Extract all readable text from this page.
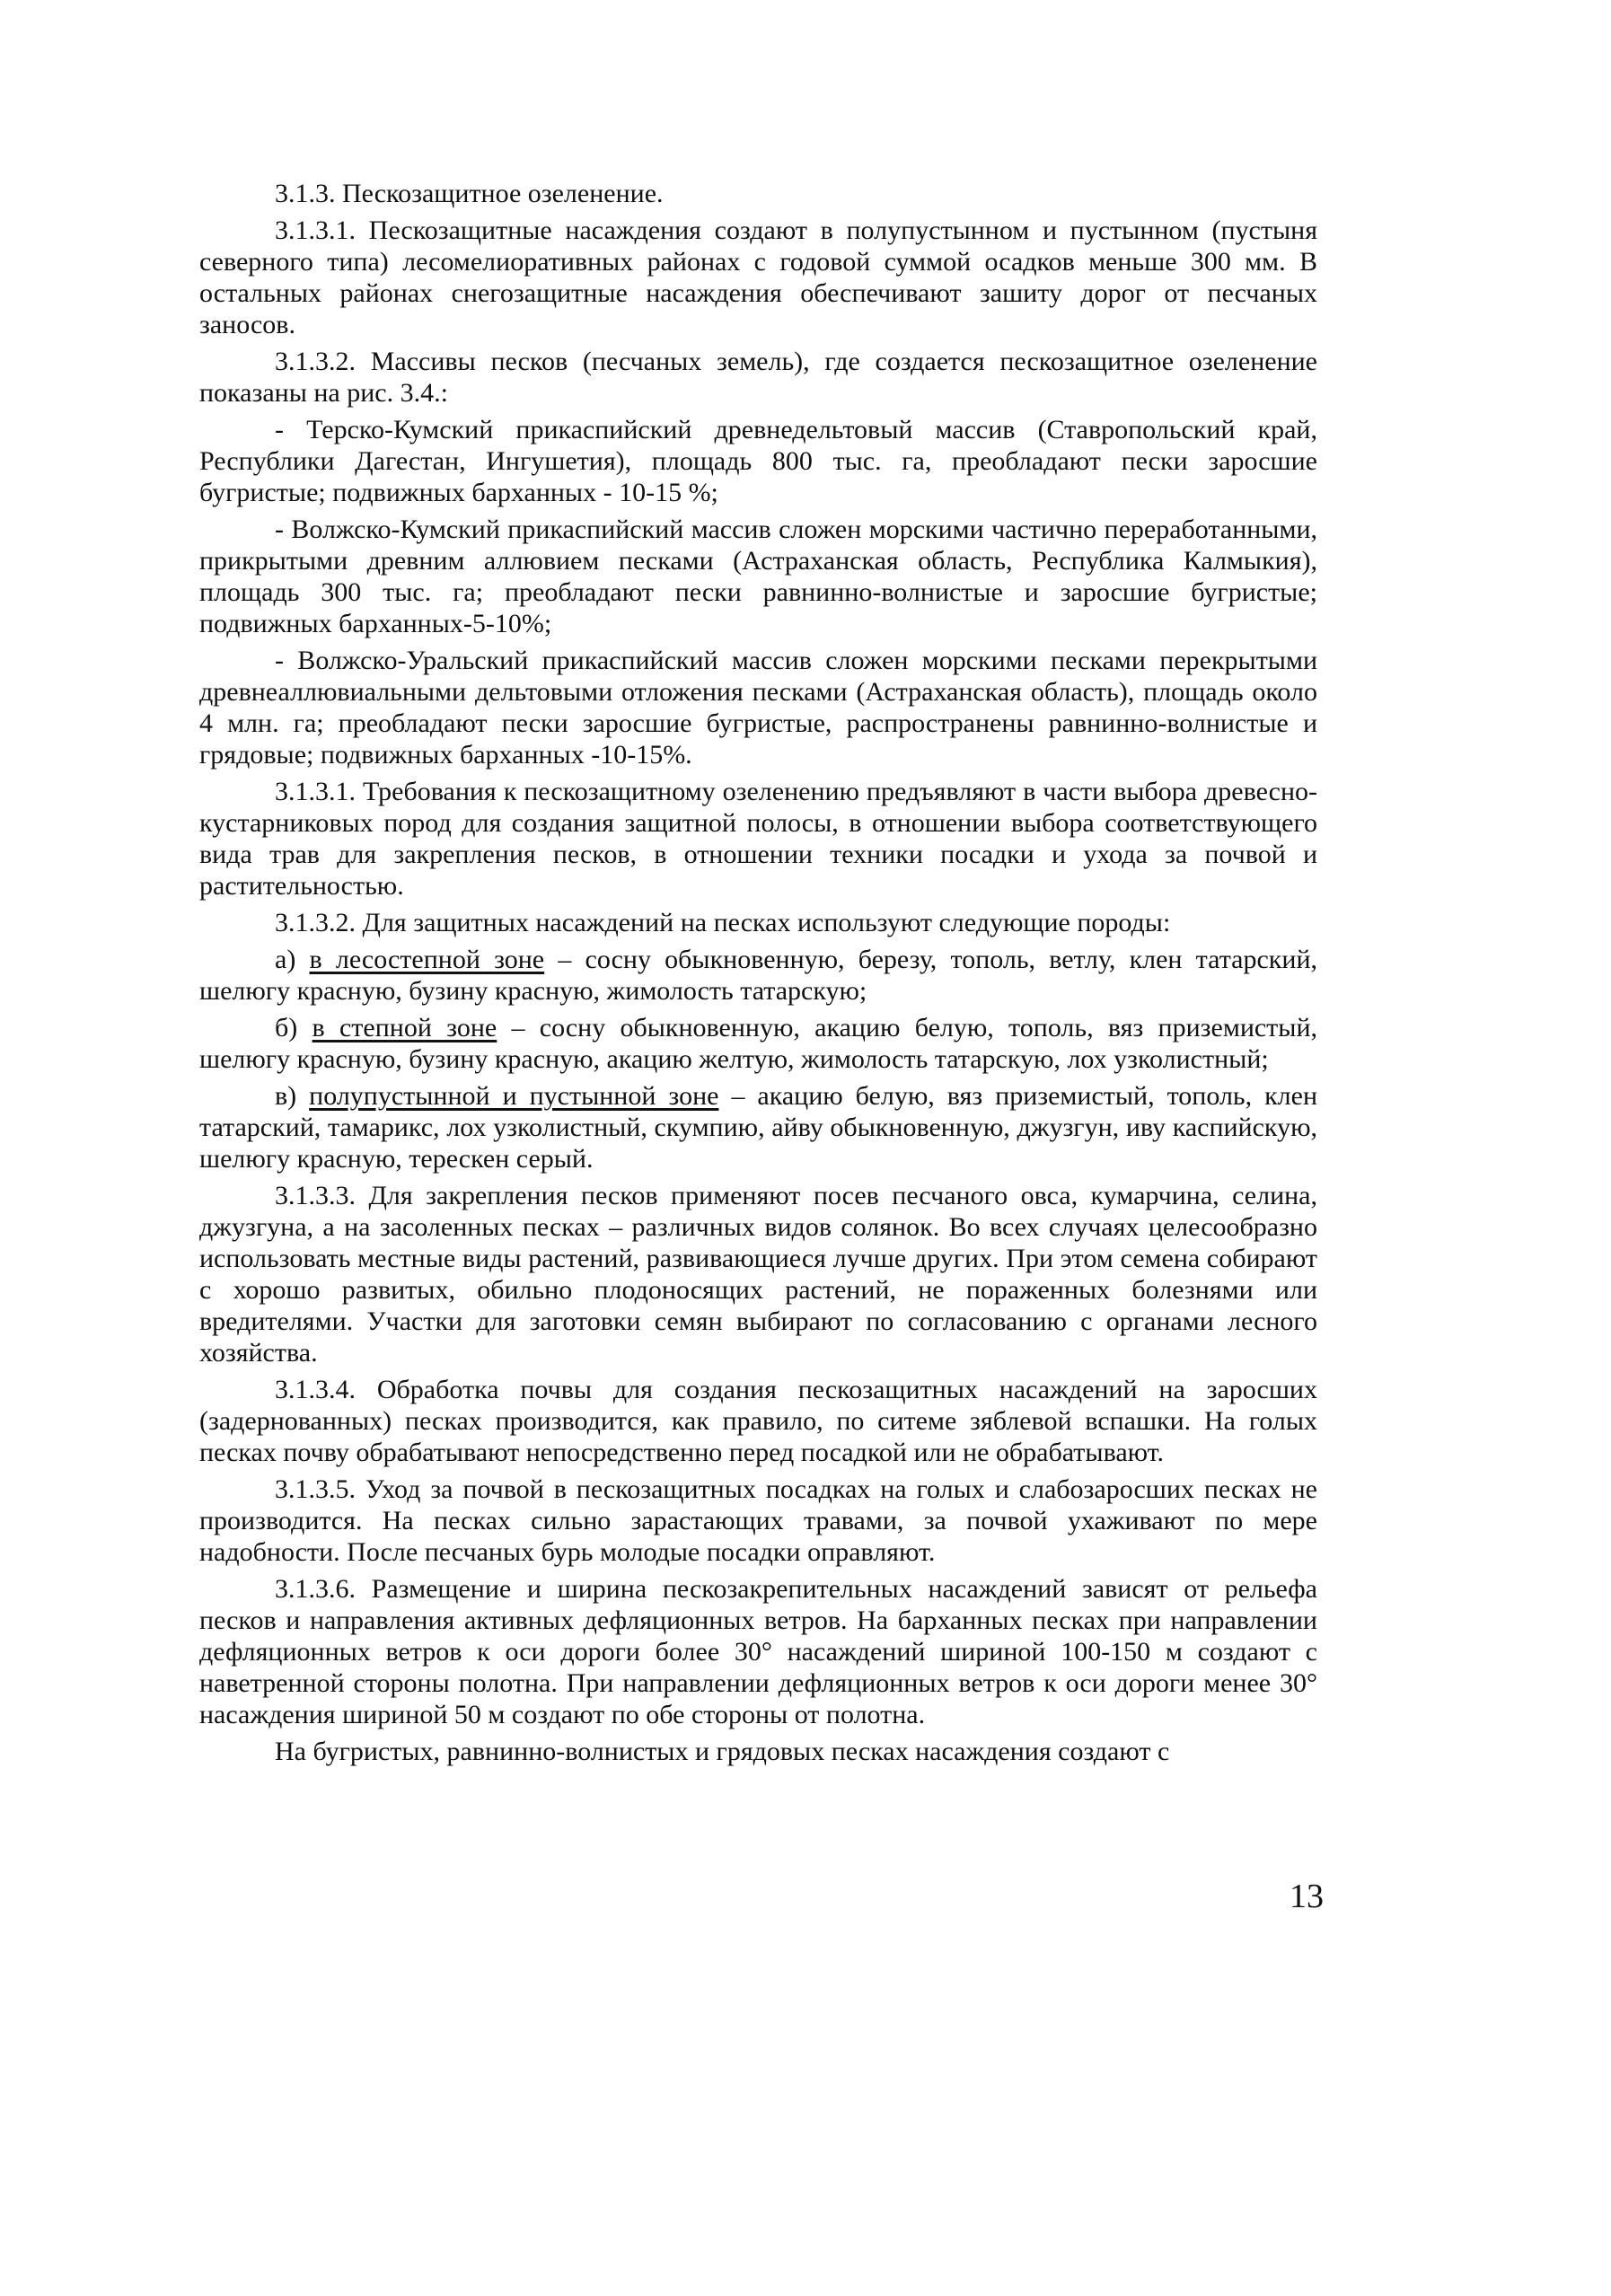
3.1.3. Пескозащитное озеленение.

3.1.3.1. Пескозащитные насаждения создают в полупустынном и пустынном (пустыня северного типа) лесомелиоративных районах с годовой суммой осадков меньше 300 мм. В остальных районах снегозащитные насаждения обеспечивают зашиту дорог от песчаных заносов.

3.1.3.2. Массивы песков (песчаных земель), где создается пескозащитное озеленение показаны на рис. 3.4.:

- Терско-Кумский прикаспийский древнедельтовый массив (Ставропольский край, Республики Дагестан, Ингушетия), площадь 800 тыс. га, преобладают пески заросшие бугристые; подвижных барханных - 10-15 %;

- Волжско-Кумский прикаспийский массив сложен морскими частично переработанными, прикрытыми древним аллювием песками (Астраханская область, Республика Калмыкия), площадь 300 тыс. га; преобладают пески равнинно-волнистые и заросшие бугристые; подвижных барханных-5-10%;

- Волжско-Уральский прикаспийский массив сложен морскими песками перекрытыми древнеаллювиальными дельтовыми отложения песками (Астраханская область), площадь около 4 млн. га; преобладают пески заросшие бугристые, распространены равнинно-волнистые и грядовые; подвижных барханных -10-15%.

3.1.3.1. Требования к пескозащитному озеленению предъявляют в части выбора древесно-кустарниковых пород для создания защитной полосы, в отношении выбора соответствующего вида трав для закрепления песков, в отношении техники посадки и ухода за почвой и растительностью.

3.1.3.2. Для защитных насаждений на песках используют следующие породы:

а) в лесостепной зоне – сосну обыкновенную, березу, тополь, ветлу, клен татарский, шелюгу красную, бузину красную, жимолость татарскую;

б) в степной зоне – сосну обыкновенную, акацию белую, тополь, вяз приземистый, шелюгу красную, бузину красную, акацию желтую, жимолость татарскую, лох узколистный;

в) полупустынной и пустынной зоне – акацию белую, вяз приземистый, тополь, клен татарский, тамарикс, лох узколистный, скумпию, айву обыкновенную, джузгун, иву каспийскую, шелюгу красную, терескен серый.

3.1.3.3. Для закрепления песков применяют посев песчаного овса, кумарчина, селина, джузгуна, а на засоленных песках – различных видов солянок. Во всех случаях целесообразно использовать местные виды растений, развивающиеся лучше других. При этом семена собирают с хорошо развитых, обильно плодоносящих растений, не пораженных болезнями или вредителями. Участки для заготовки семян выбирают по согласованию с органами лесного хозяйства.

3.1.3.4. Обработка почвы для создания пескозащитных насаждений на заросших (задернованных) песках производится, как правило, по ситеме зяблевой вспашки. На голых песках почву обрабатывают непосредственно перед посадкой или не обрабатывают.

3.1.3.5. Уход за почвой в пескозащитных посадках на голых и слабозаросших песках не производится. На песках сильно зарастающих травами, за почвой ухаживают по мере надобности. После песчаных бурь молодые посадки оправляют.

3.1.3.6. Размещение и ширина пескозакрепительных насаждений зависят от рельефа песков и направления активных дефляционных ветров. На барханных песках при направлении дефляционных ветров к оси дороги более 30° насаждений шириной 100-150 м создают с наветренной стороны полотна. При направлении дефляционных ветров к оси дороги менее 30° насаждения шириной 50 м создают по обе стороны от полотна.

На бугристых, равнинно-волнистых и грядовых песках насаждения создают с

13
